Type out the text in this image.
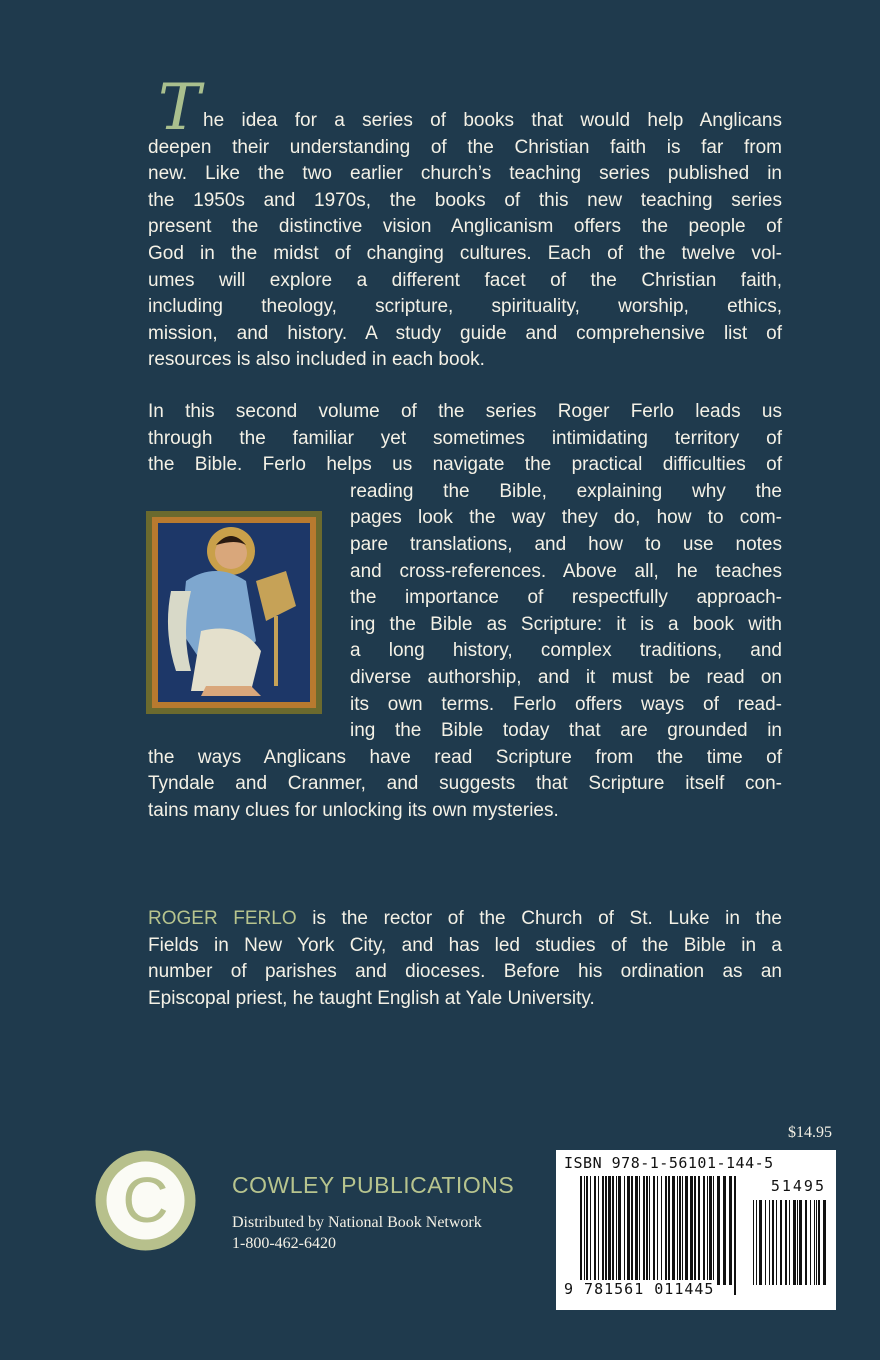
T he idea for a series of books that would help Anglicans
deepen their understanding of the Christian faith is far from
new. Like the two earlier church’s teaching series published in
the 1950s and 1970s, the books of this new teaching series
present the distinctive vision Anglicanism offers the people of
God in the midst of changing cultures. Each of the twelve vol-
umes will explore a different facet of the Christian faith,
including theology, scripture, spirituality, worship, ethics,
mission, and history. A study guide and comprehensive list of
resources is also included in each book.
In this second volume of the series Roger Ferlo leads us
through the familiar yet sometimes intimidating territory of
the Bible. Ferlo helps us navigate the practical difficulties of
reading the Bible, explaining why the
pages look the way they do, how to com-
pare translations, and how to use notes
and cross-references. Above all, he teaches
the importance of respectfully approach-
ing the Bible as Scripture: it is a book with
a long history, complex traditions, and
diverse authorship, and it must be read on
its own terms. Ferlo offers ways of read-
ing the Bible today that are grounded in
the ways Anglicans have read Scripture from the time of
Tyndale and Cranmer, and suggests that Scripture itself con-
tains many clues for unlocking its own mysteries.
ROGER FERLO is the rector of the Church of St. Luke in the
Fields in New York City, and has led studies of the Bible in a
number of parishes and dioceses. Before his ordination as an
Episcopal priest, he taught English at Yale University.
$14.95
C	COWLEY PUBLICATIONS
Distributed by National Book Network
1-800-462-6420
ISBN 978-1-56101-144-5
51495
9 781561 011445
